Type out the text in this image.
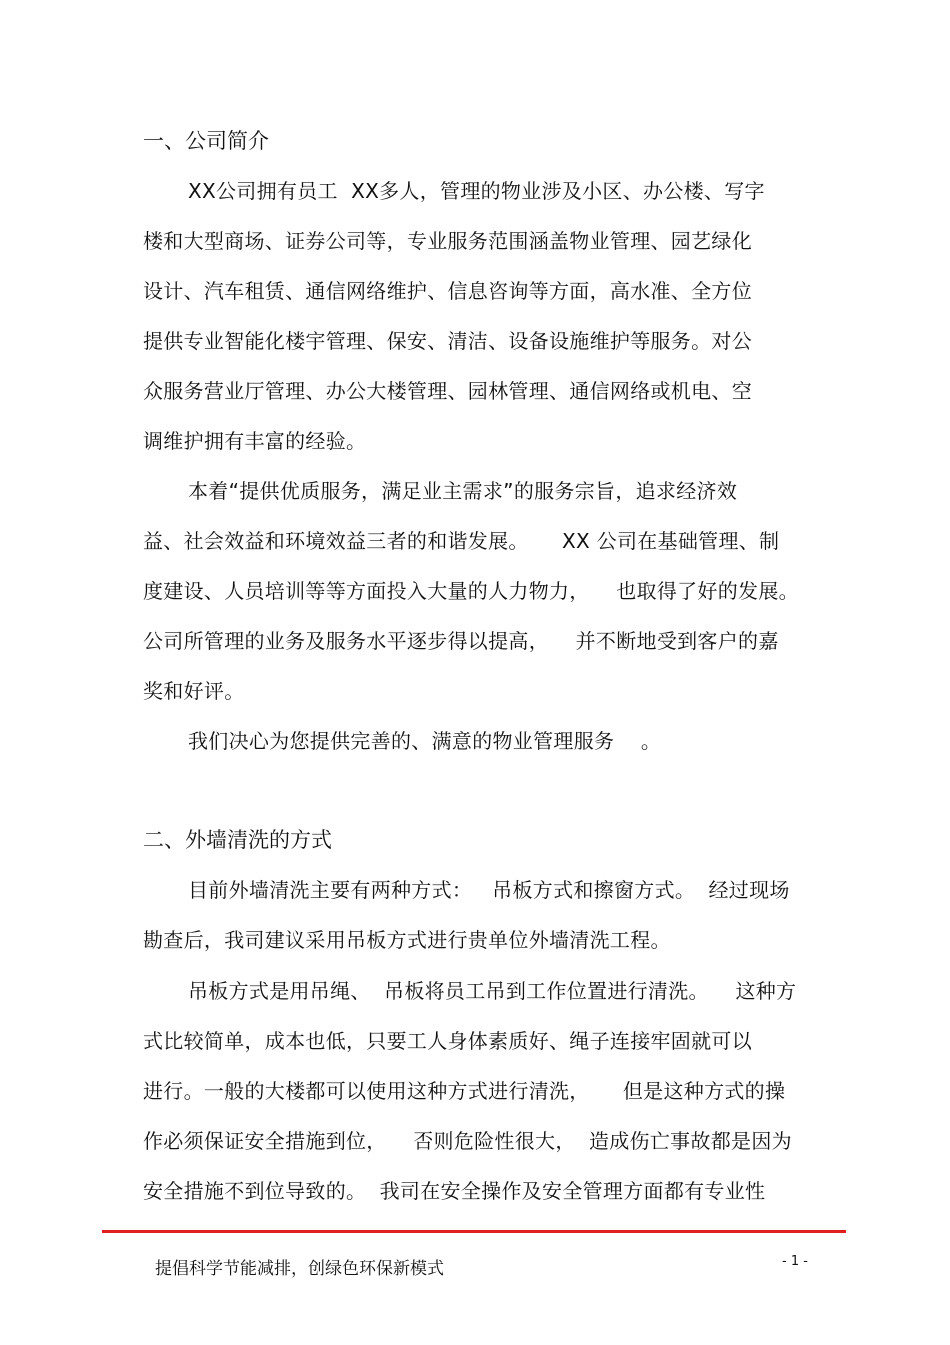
一、公司简介
XX公司拥有员工  XX多人，管理的物业涉及小区、办公楼、写字
楼和大型商场、证券公司等，专业服务范围涵盖物业管理、园艺绿化
设计、汽车租赁、通信网络维护、信息咨询等方面，高水准、全方位
提供专业智能化楼宇管理、保安、清洁、设备设施维护等服务。对公
众服务营业厅管理、办公大楼管理、园林管理、通信网络或机电、空
调维护拥有丰富的经验。
本着“提供优质服务，满足业主需求”的服务宗旨，追求经济效
益、社会效益和环境效益三者的和谐发展。     XX 公司在基础管理、制
度建设、人员培训等等方面投入大量的人力物力，    也取得了好的发展。
公司所管理的业务及服务水平逐步得以提高，    并不断地受到客户的嘉
奖和好评。
我们决心为您提供完善的、满意的物业管理服务    。
二、外墙清洗的方式
目前外墙清洗主要有两种方式：   吊板方式和擦窗方式。  经过现场
勘查后，我司建议采用吊板方式进行贵单位外墙清洗工程。
吊板方式是用吊绳、  吊板将员工吊到工作位置进行清洗。    这种方
式比较简单，成本也低，只要工人身体素质好、绳子连接牢固就可以
进行。一般的大楼都可以使用这种方式进行清洗，     但是这种方式的操
作必须保证安全措施到位，    否则危险性很大，  造成伤亡事故都是因为
安全措施不到位导致的。  我司在安全操作及安全管理方面都有专业性
提倡科学节能减排，创绿色环保新模式	- 1 -
